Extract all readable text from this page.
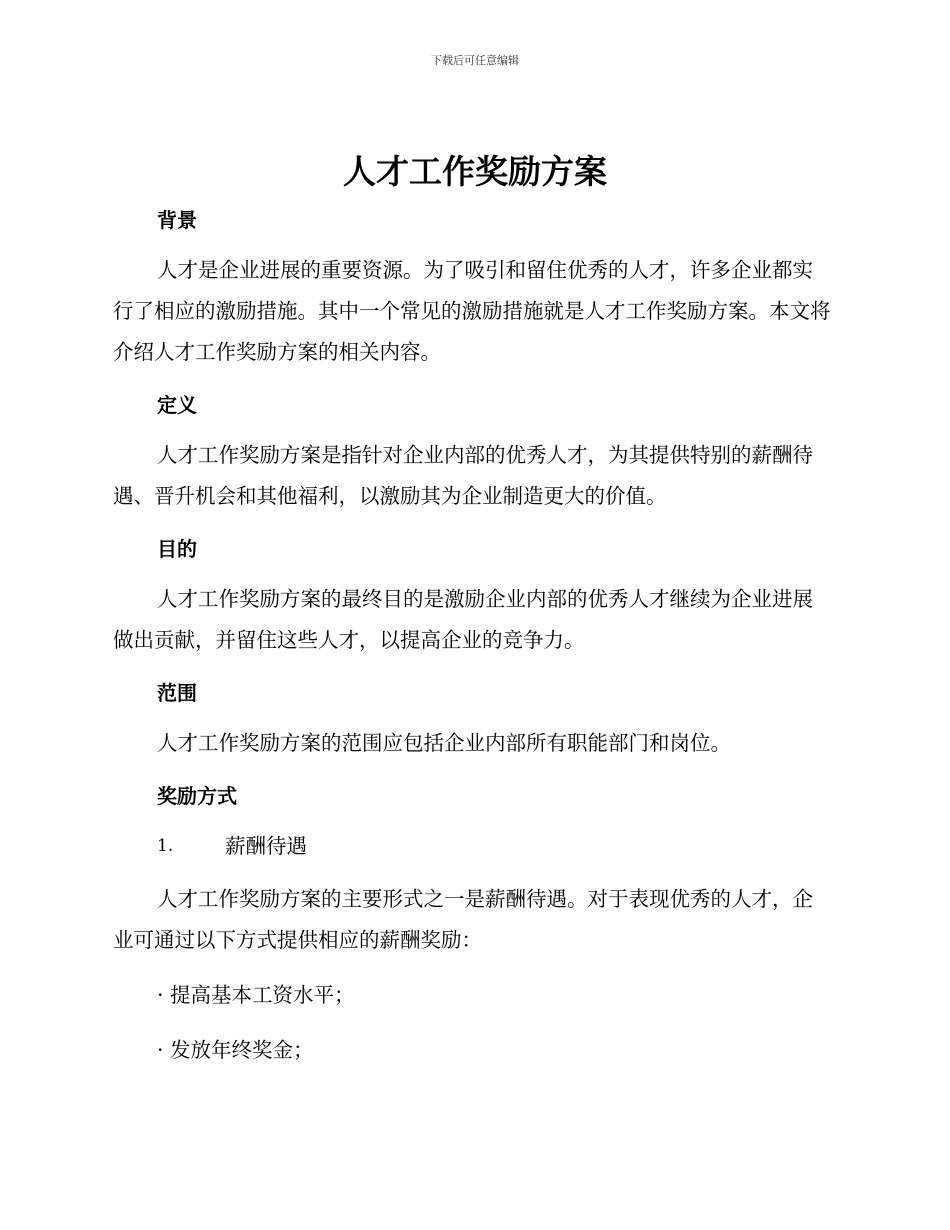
下载后可任意编辑
人才工作奖励方案
背景

人才是企业进展的重要资源。为了吸引和留住优秀的人才，许多企业都实行了相应的激励措施。其中一个常见的激励措施就是人才工作奖励方案。本文将介绍人才工作奖励方案的相关内容。

定义

人才工作奖励方案是指针对企业内部的优秀人才，为其提供特别的薪酬待遇、晋升机会和其他福利，以激励其为企业制造更大的价值。

目的

人才工作奖励方案的最终目的是激励企业内部的优秀人才继续为企业进展做出贡献，并留住这些人才，以提高企业的竞争力。

范围

人才工作奖励方案的范围应包括企业内部所有职能部门和岗位。

奖励方式

1.	薪酬待遇

人才工作奖励方案的主要形式之一是薪酬待遇。对于表现优秀的人才，企业可通过以下方式提供相应的薪酬奖励：

· 提高基本工资水平；

· 发放年终奖金；
